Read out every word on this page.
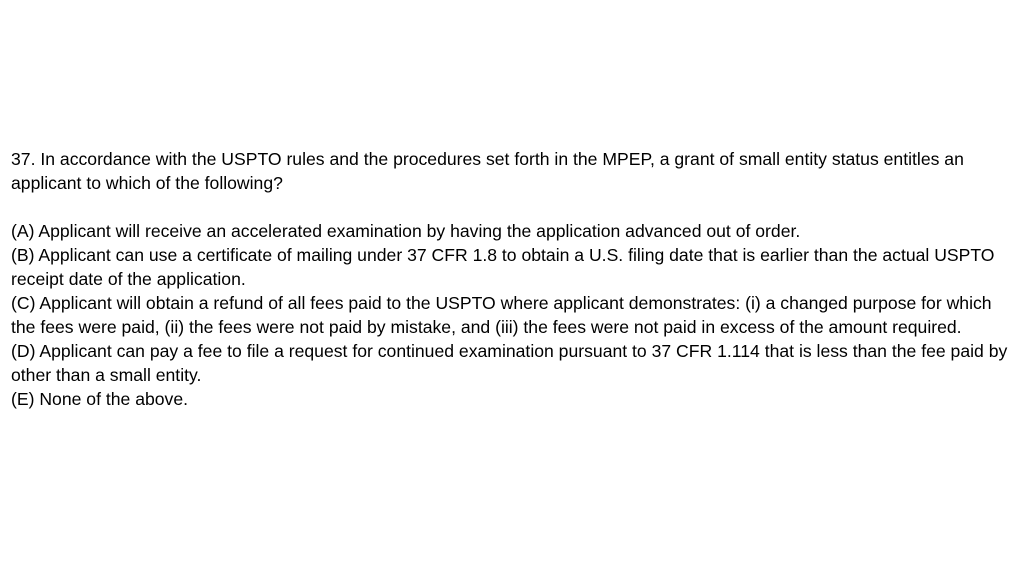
37. In accordance with the USPTO rules and the procedures set forth in the MPEP, a grant of small entity status entitles an applicant to which of the following?

(A) Applicant will receive an accelerated examination by having the application advanced out of order.

(B) Applicant can use a certificate of mailing under 37 CFR 1.8 to obtain a U.S. filing date that is earlier than the actual USPTO receipt date of the application.

(C) Applicant will obtain a refund of all fees paid to the USPTO where applicant demonstrates: (i) a changed purpose for which the fees were paid, (ii) the fees were not paid by mistake, and (iii) the fees were not paid in excess of the amount required.

(D) Applicant can pay a fee to file a request for continued examination pursuant to 37 CFR 1.114 that is less than the fee paid by other than a small entity.

(E) None of the above.
